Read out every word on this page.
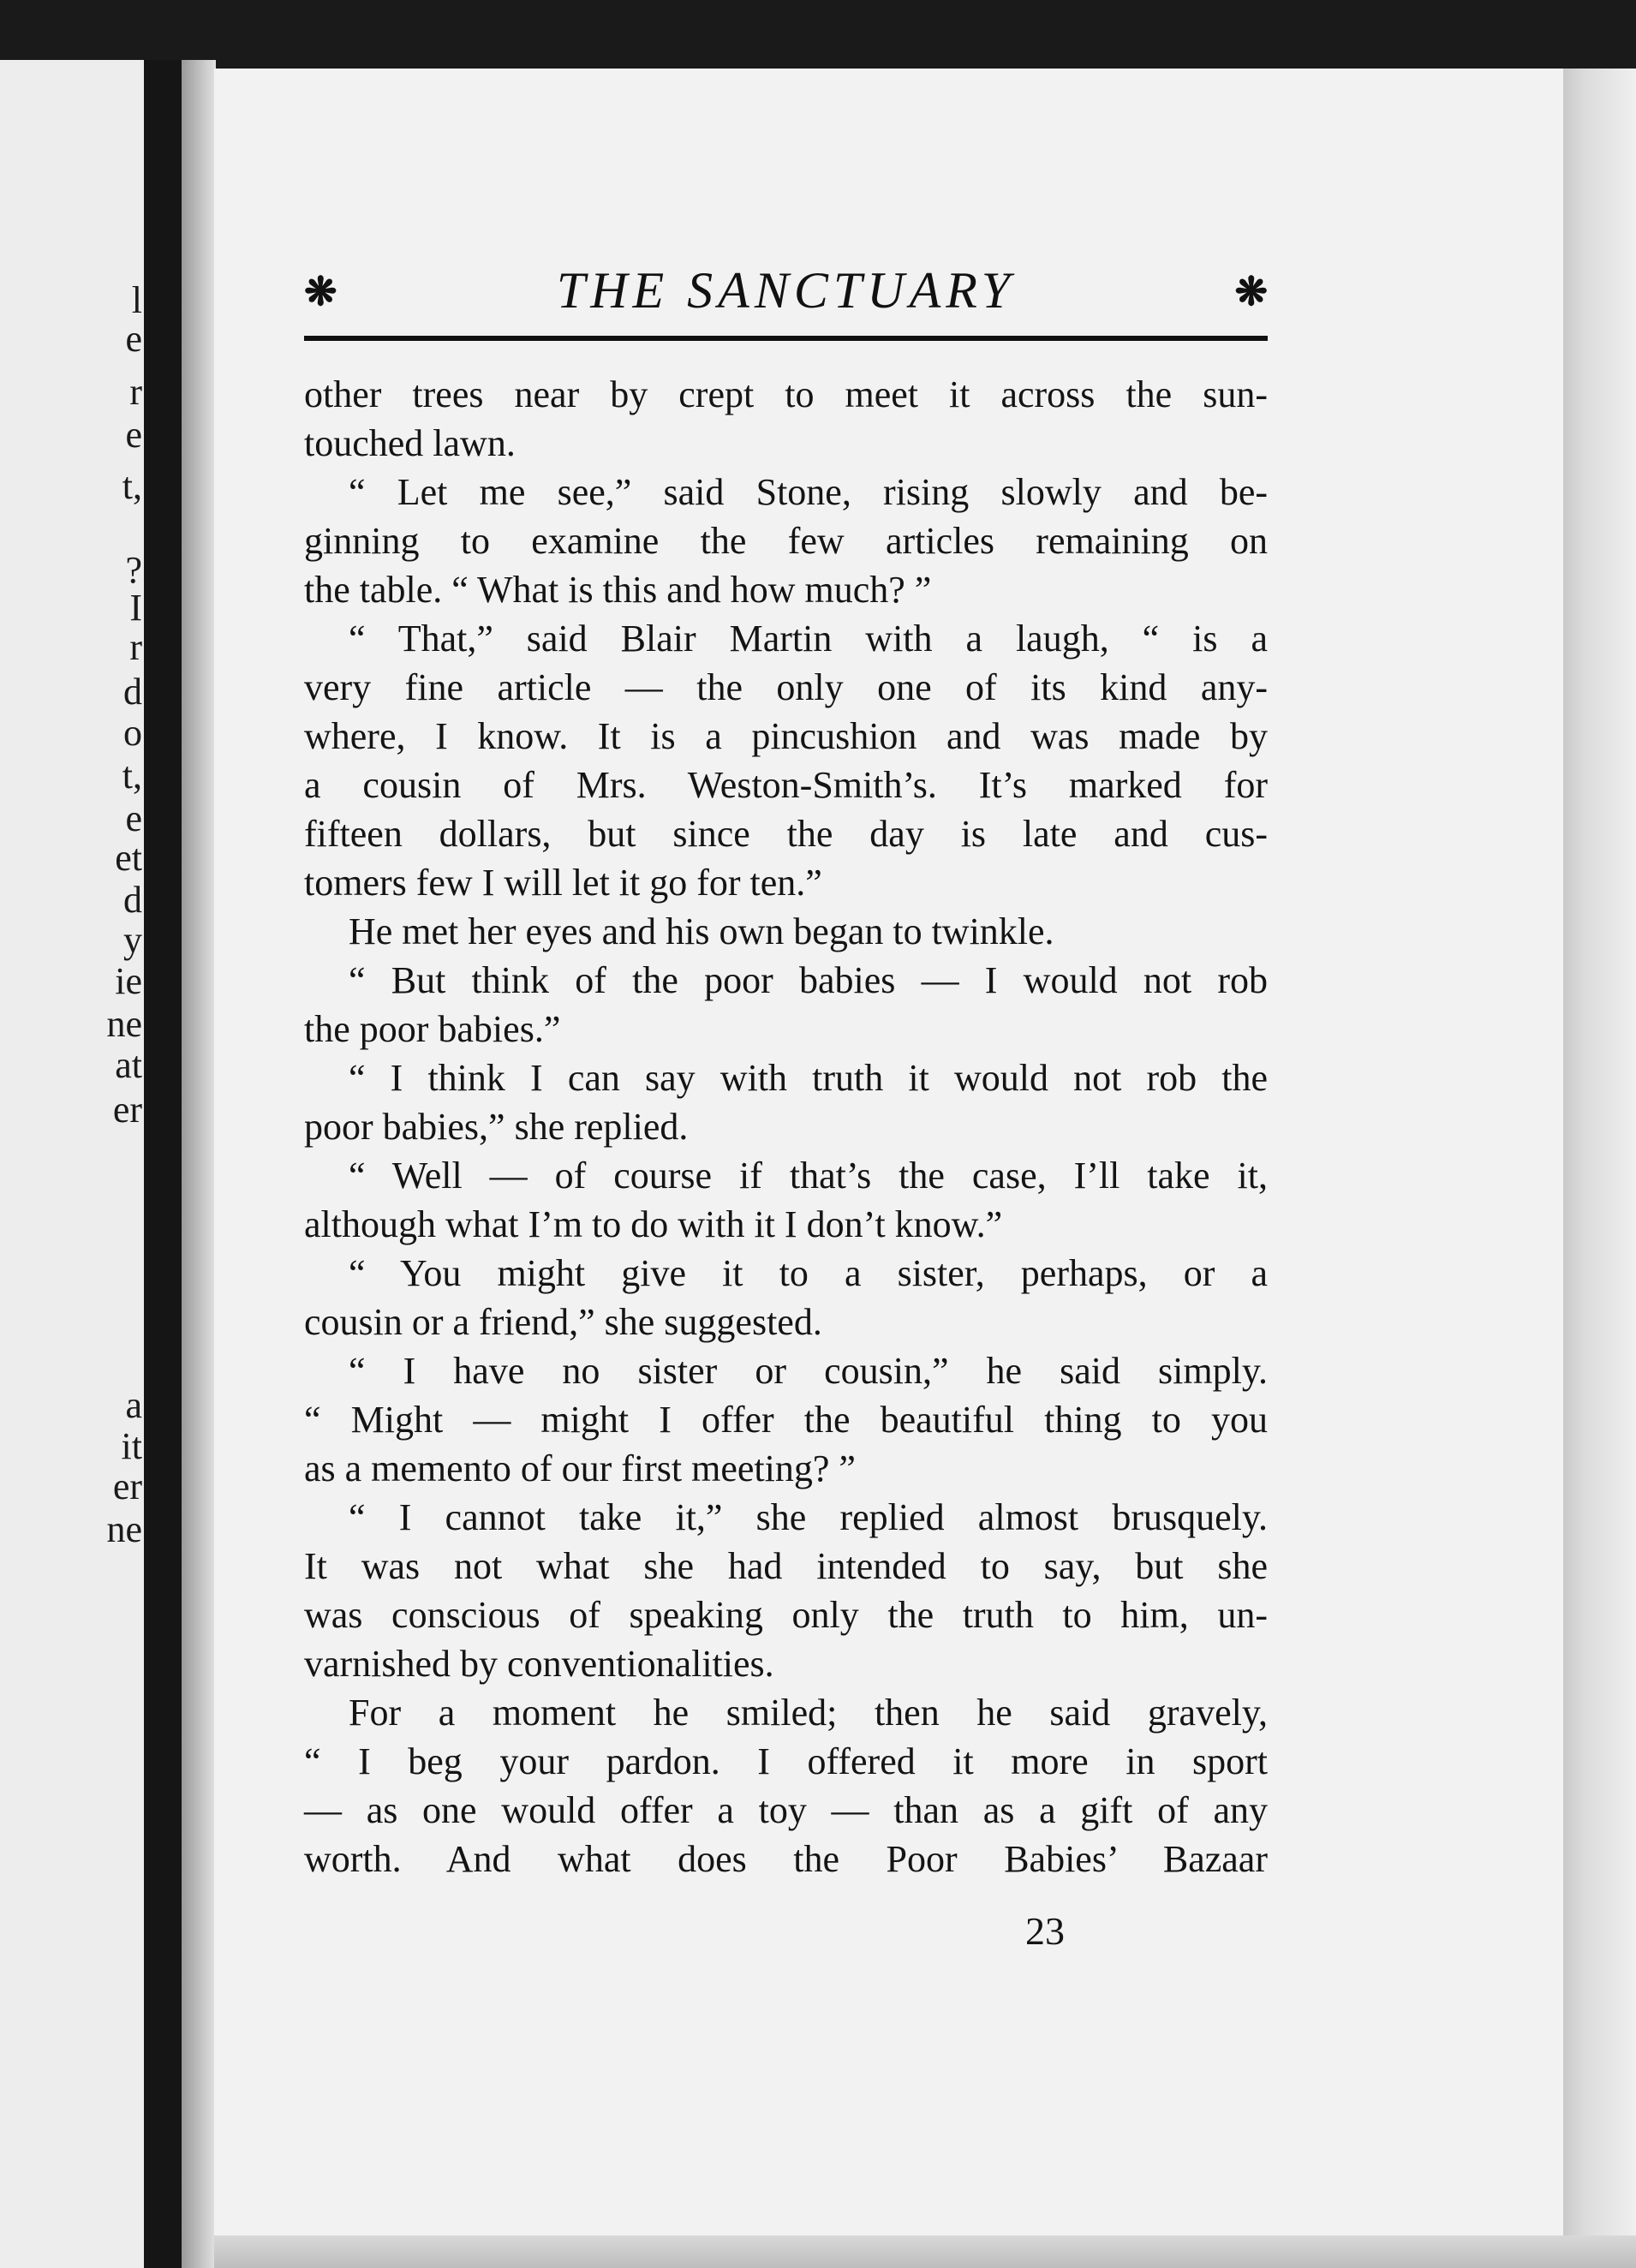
l
e
r
e
t,
?
I
r
d
o
t,
e
et
d
y
ie
ne
at
er
a
it
er
ne
❋	THE SANCTUARY	❋
other trees near by crept to meet it across the sun-
touched lawn.
“ Let me see,” said Stone, rising slowly and be-
ginning to examine the few articles remaining on
the table. “ What is this and how much? ”
“ That,” said Blair Martin with a laugh, “ is a
very fine article — the only one of its kind any-
where, I know. It is a pincushion and was made by
a cousin of Mrs. Weston-Smith’s. It’s marked for
fifteen dollars, but since the day is late and cus-
tomers few I will let it go for ten.”
He met her eyes and his own began to twinkle.
“ But think of the poor babies — I would not rob
the poor babies.”
“ I think I can say with truth it would not rob the
poor babies,” she replied.
“ Well — of course if that’s the case, I’ll take it,
although what I’m to do with it I don’t know.”
“ You might give it to a sister, perhaps, or a
cousin or a friend,” she suggested.
“ I have no sister or cousin,” he said simply.
“ Might — might I offer the beautiful thing to you
as a memento of our first meeting? ”
“ I cannot take it,” she replied almost brusquely.
It was not what she had intended to say, but she
was conscious of speaking only the truth to him, un-
varnished by conventionalities.
For a moment he smiled; then he said gravely,
“ I beg your pardon. I offered it more in sport
— as one would offer a toy — than as a gift of any
worth. And what does the Poor Babies’ Bazaar
23
